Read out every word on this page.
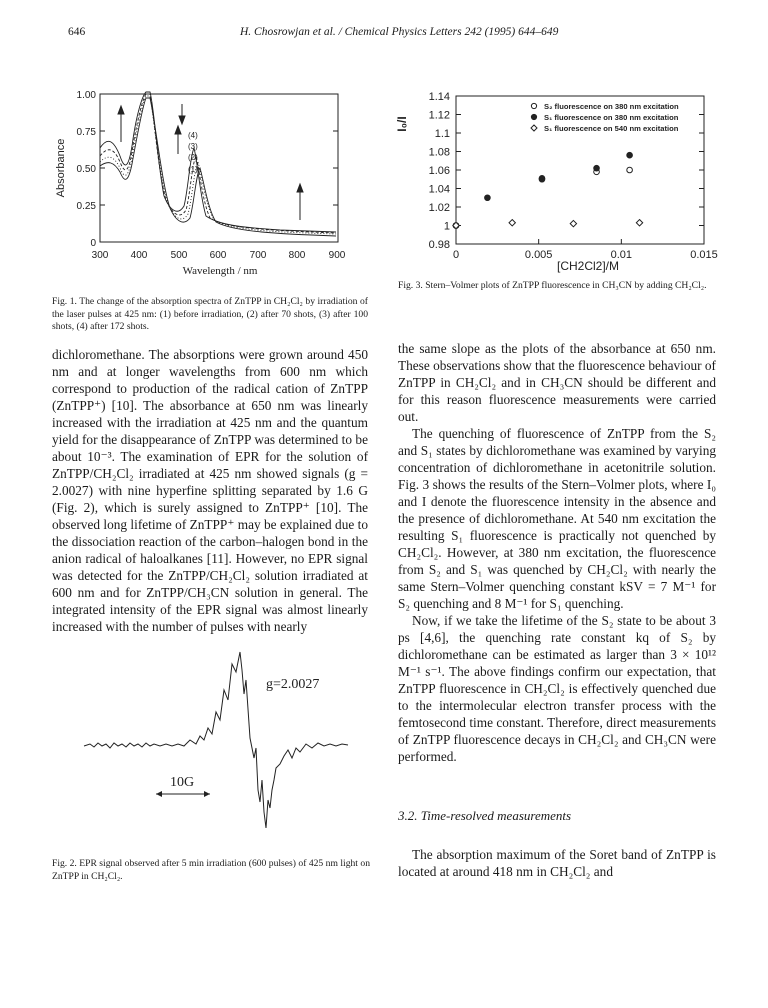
646	H. Chosrowjan et al. / Chemical Physics Letters 242 (1995) 644–649
1.00
0.75
0.50
0.25
0
Absorbance
300 400 500 600 700 800 900
Wavelength / nm
(4)
(3)
(2)
(1)
Fig. 1. The change of the absorption spectra of ZnTPP in CH₂Cl₂ by irradiation of the laser pulses at 425 nm: (1) before irradiation, (2) after 70 shots, (3) after 100 shots, (4) after 172 shots.
1.14
1.12
1.1
1.08
1.06
1.04
1.02
1
0.98
0	0.005	0.01	0.015
I₀/I
[CH2Cl2]/M
S₂ fluorescence on 380 nm excitation
S₁ fluorescence on 380 nm excitation
S₁ fluorescence on 540 nm excitation
Fig. 3. Stern–Volmer plots of ZnTPP fluorescence in CH₃CN by adding CH₂Cl₂.

dichloromethane. The absorptions were grown around 450 nm and at longer wavelengths from 600 nm which correspond to production of the radical cation of ZnTPP (ZnTPP⁺) [10]. The absorbance at 650 nm was linearly increased with the irradiation at 425 nm and the quantum yield for the disappearance of ZnTPP was determined to be about 10⁻³. The examination of EPR for the solution of ZnTPP/CH₂Cl₂ irradiated at 425 nm showed signals (g = 2.0027) with nine hyperfine splitting separated by 1.6 G (Fig. 2), which is surely assigned to ZnTPP⁺ [10]. The observed long lifetime of ZnTPP⁺ may be explained due to the dissociation reaction of the carbon–halogen bond in the anion radical of haloalkanes [11]. However, no EPR signal was detected for the ZnTPP/CH₂Cl₂ solution irradiated at 600 nm and for ZnTPP/CH₃CN solution in general. The integrated intensity of the EPR signal was almost linearly increased with the number of pulses with nearly

g=2.0027
10G
Fig. 2. EPR signal observed after 5 min irradiation (600 pulses) of 425 nm light on ZnTPP in CH₂Cl₂.

the same slope as the plots of the absorbance at 650 nm. These observations show that the fluorescence behaviour of ZnTPP in CH₂Cl₂ and in CH₃CN should be different and for this reason fluorescence measurements were carried out.

The quenching of fluorescence of ZnTPP from the S₂ and S₁ states by dichloromethane was examined by varying concentration of dichloromethane in acetonitrile solution. Fig. 3 shows the results of the Stern–Volmer plots, where I₀ and I denote the fluorescence intensity in the absence and the presence of dichloromethane. At 540 nm excitation the resulting S₁ fluorescence is practically not quenched by CH₂Cl₂. However, at 380 nm excitation, the fluorescence from S₂ and S₁ was quenched by CH₂Cl₂ with nearly the same Stern–Volmer quenching constant kSV = 7 M⁻¹ for S₂ quenching and 8 M⁻¹ for S₁ quenching.

Now, if we take the lifetime of the S₂ state to be about 3 ps [4,6], the quenching rate constant kq of S₂ by dichloromethane can be estimated as larger than 3 × 10¹² M⁻¹ s⁻¹. The above findings confirm our expectation, that ZnTPP fluorescence in CH₂Cl₂ is effectively quenched due to the intermolecular electron transfer process with the femtosecond time constant. Therefore, direct measurements of ZnTPP fluorescence decays in CH₂Cl₂ and CH₃CN were performed.

3.2. Time-resolved measurements

The absorption maximum of the Soret band of ZnTPP is located at around 418 nm in CH₂Cl₂ and
